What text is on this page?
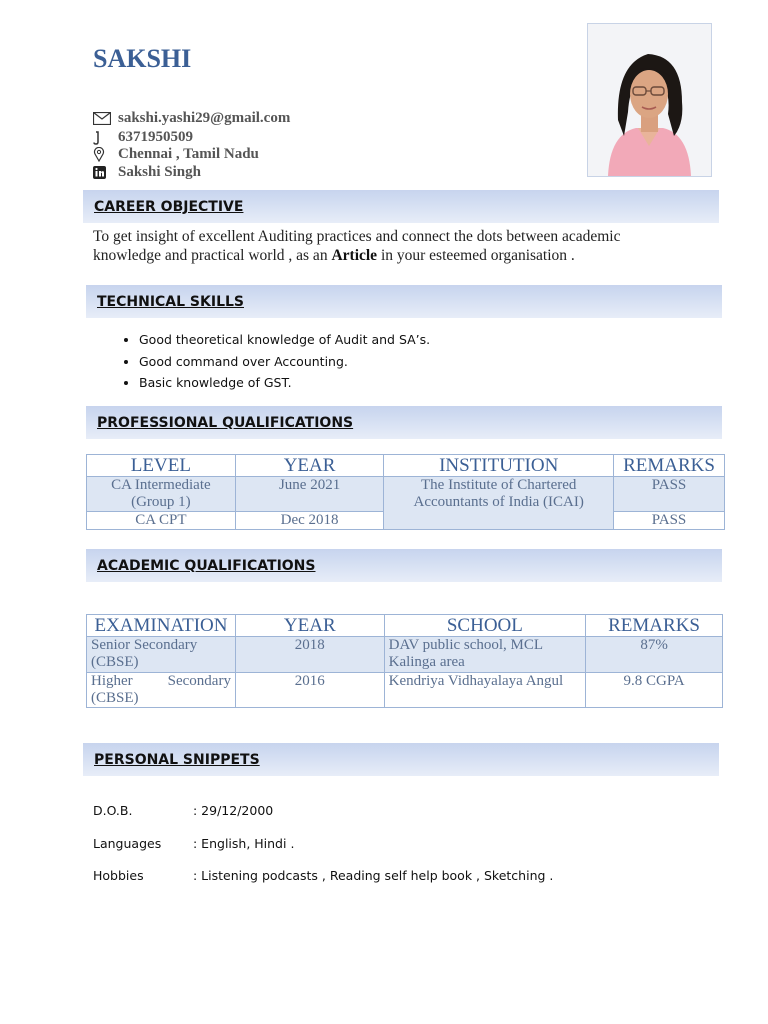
SAKSHI
sakshi.yashi29@gmail.com
6371950509
Chennai , Tamil Nadu
Sakshi Singh
CAREER OBJECTIVE
To get insight of excellent Auditing practices and connect the dots between academic knowledge and practical world , as an Article in your esteemed organisation .
TECHNICAL SKILLS
• Good theoretical knowledge of Audit and SA’s.
• Good command over Accounting.
• Basic knowledge of GST.
PROFESSIONAL QUALIFICATIONS
LEVEL	YEAR	INSTITUTION	REMARKS
CA Intermediate (Group 1)	June 2021	The Institute of Chartered Accountants of India (ICAI)	PASS
CA CPT	Dec 2018		PASS
ACADEMIC QUALIFICATIONS
EXAMINATION	YEAR	SCHOOL	REMARKS
Senior Secondary (CBSE)	2018	DAV public school, MCL Kalinga area	87%
Higher Secondary (CBSE)	2016	Kendriya Vidhayalaya Angul	9.8 CGPA
PERSONAL SNIPPETS
D.O.B.	: 29/12/2000
Languages	: English, Hindi .
Hobbies	: Listening podcasts , Reading self help book , Sketching .
